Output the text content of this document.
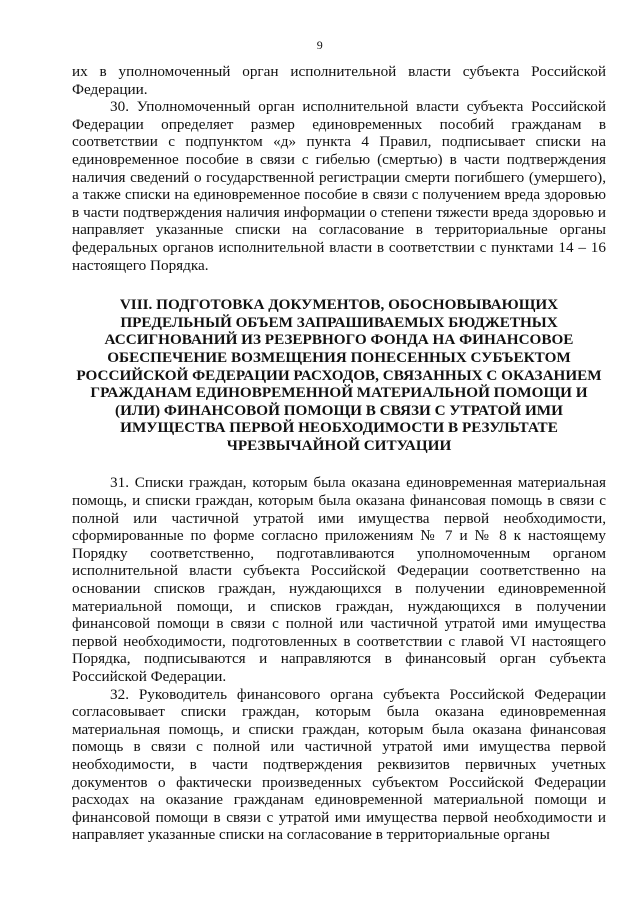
9

их в уполномоченный орган исполнительной власти субъекта Российской Федерации.

30. Уполномоченный орган исполнительной власти субъекта Российской Федерации определяет размер единовременных пособий гражданам в соответствии с подпунктом «д» пункта 4 Правил, подписывает списки на единовременное пособие в связи с гибелью (смертью) в части подтверждения наличия сведений о государственной регистрации смерти погибшего (умершего), а также списки на единовременное пособие в связи с получением вреда здоровью в части подтверждения наличия информации о степени тяжести вреда здоровью и направляет указанные списки на согласование в территориальные органы федеральных органов исполнительной власти в соответствии с пунктами 14 – 16 настоящего Порядка.

VIII. ПОДГОТОВКА ДОКУМЕНТОВ, ОБОСНОВЫВАЮЩИХ ПРЕДЕЛЬНЫЙ ОБЪЕМ ЗАПРАШИВАЕМЫХ БЮДЖЕТНЫХ АССИГНОВАНИЙ ИЗ РЕЗЕРВНОГО ФОНДА НА ФИНАНСОВОЕ ОБЕСПЕЧЕНИЕ ВОЗМЕЩЕНИЯ ПОНЕСЕННЫХ СУБЪЕКТОМ РОССИЙСКОЙ ФЕДЕРАЦИИ РАСХОДОВ, СВЯЗАННЫХ С ОКАЗАНИЕМ ГРАЖДАНАМ ЕДИНОВРЕМЕННОЙ МАТЕРИАЛЬНОЙ ПОМОЩИ И (ИЛИ) ФИНАНСОВОЙ ПОМОЩИ В СВЯЗИ С УТРАТОЙ ИМИ ИМУЩЕСТВА ПЕРВОЙ НЕОБХОДИМОСТИ В РЕЗУЛЬТАТЕ ЧРЕЗВЫЧАЙНОЙ СИТУАЦИИ

31. Списки граждан, которым была оказана единовременная материальная помощь, и списки граждан, которым была оказана финансовая помощь в связи с полной или частичной утратой ими имущества первой необходимости, сформированные по форме согласно приложениям № 7 и № 8 к настоящему Порядку соответственно, подготавливаются уполномоченным органом исполнительной власти субъекта Российской Федерации соответственно на основании списков граждан, нуждающихся в получении единовременной материальной помощи, и списков граждан, нуждающихся в получении финансовой помощи в связи с полной или частичной утратой ими имущества первой необходимости, подготовленных в соответствии с главой VI настоящего Порядка, подписываются и направляются в финансовый орган субъекта Российской Федерации.

32. Руководитель финансового органа субъекта Российской Федерации согласовывает списки граждан, которым была оказана единовременная материальная помощь, и списки граждан, которым была оказана финансовая помощь в связи с полной или частичной утратой ими имущества первой необходимости, в части подтверждения реквизитов первичных учетных документов о фактически произведенных субъектом Российской Федерации расходах на оказание гражданам единовременной материальной помощи и финансовой помощи в связи с утратой ими имущества первой необходимости и направляет указанные списки на согласование в территориальные органы
